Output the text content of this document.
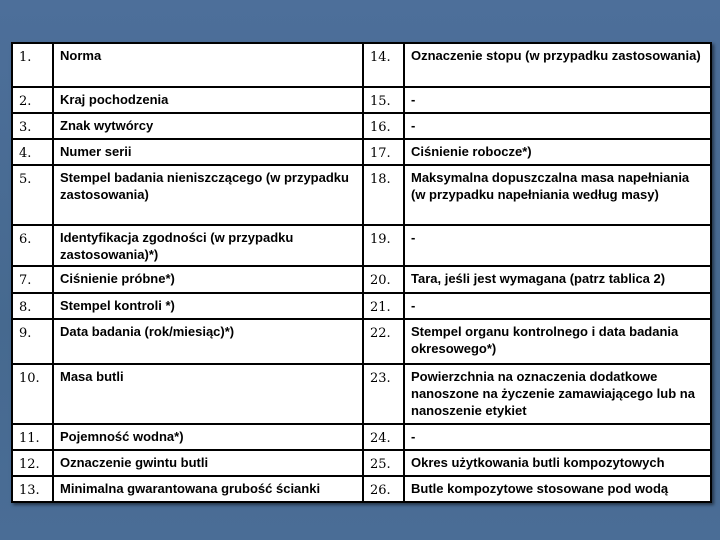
1.	Norma	14.	Oznaczenie stopu (w przypadku zastosowania)
2.	Kraj pochodzenia	15.	-
3.	Znak wytwórcy	16.	-
4.	Numer serii	17.	Ciśnienie robocze*)
5.	Stempel badania nieniszczącego (w przypadku zastosowania)	18.	Maksymalna dopuszczalna masa napełniania (w przypadku napełniania według masy)
6.	Identyfikacja zgodności (w przypadku zastosowania)*)	19.	-
7.	Ciśnienie próbne*)	20.	Tara, jeśli jest wymagana (patrz tablica 2)
8.	Stempel kontroli *)	21.	-
9.	Data badania (rok/miesiąc)*)	22.	Stempel organu kontrolnego i data badania okresowego*)
10.	Masa butli	23.	Powierzchnia na oznaczenia dodatkowe nanoszone na życzenie zamawiającego lub na nanoszenie etykiet
11.	Pojemność wodna*)	24.	-
12.	Oznaczenie gwintu butli	25.	Okres użytkowania butli kompozytowych
13.	Minimalna gwarantowana grubość ścianki	26.	Butle kompozytowe stosowane pod wodą
